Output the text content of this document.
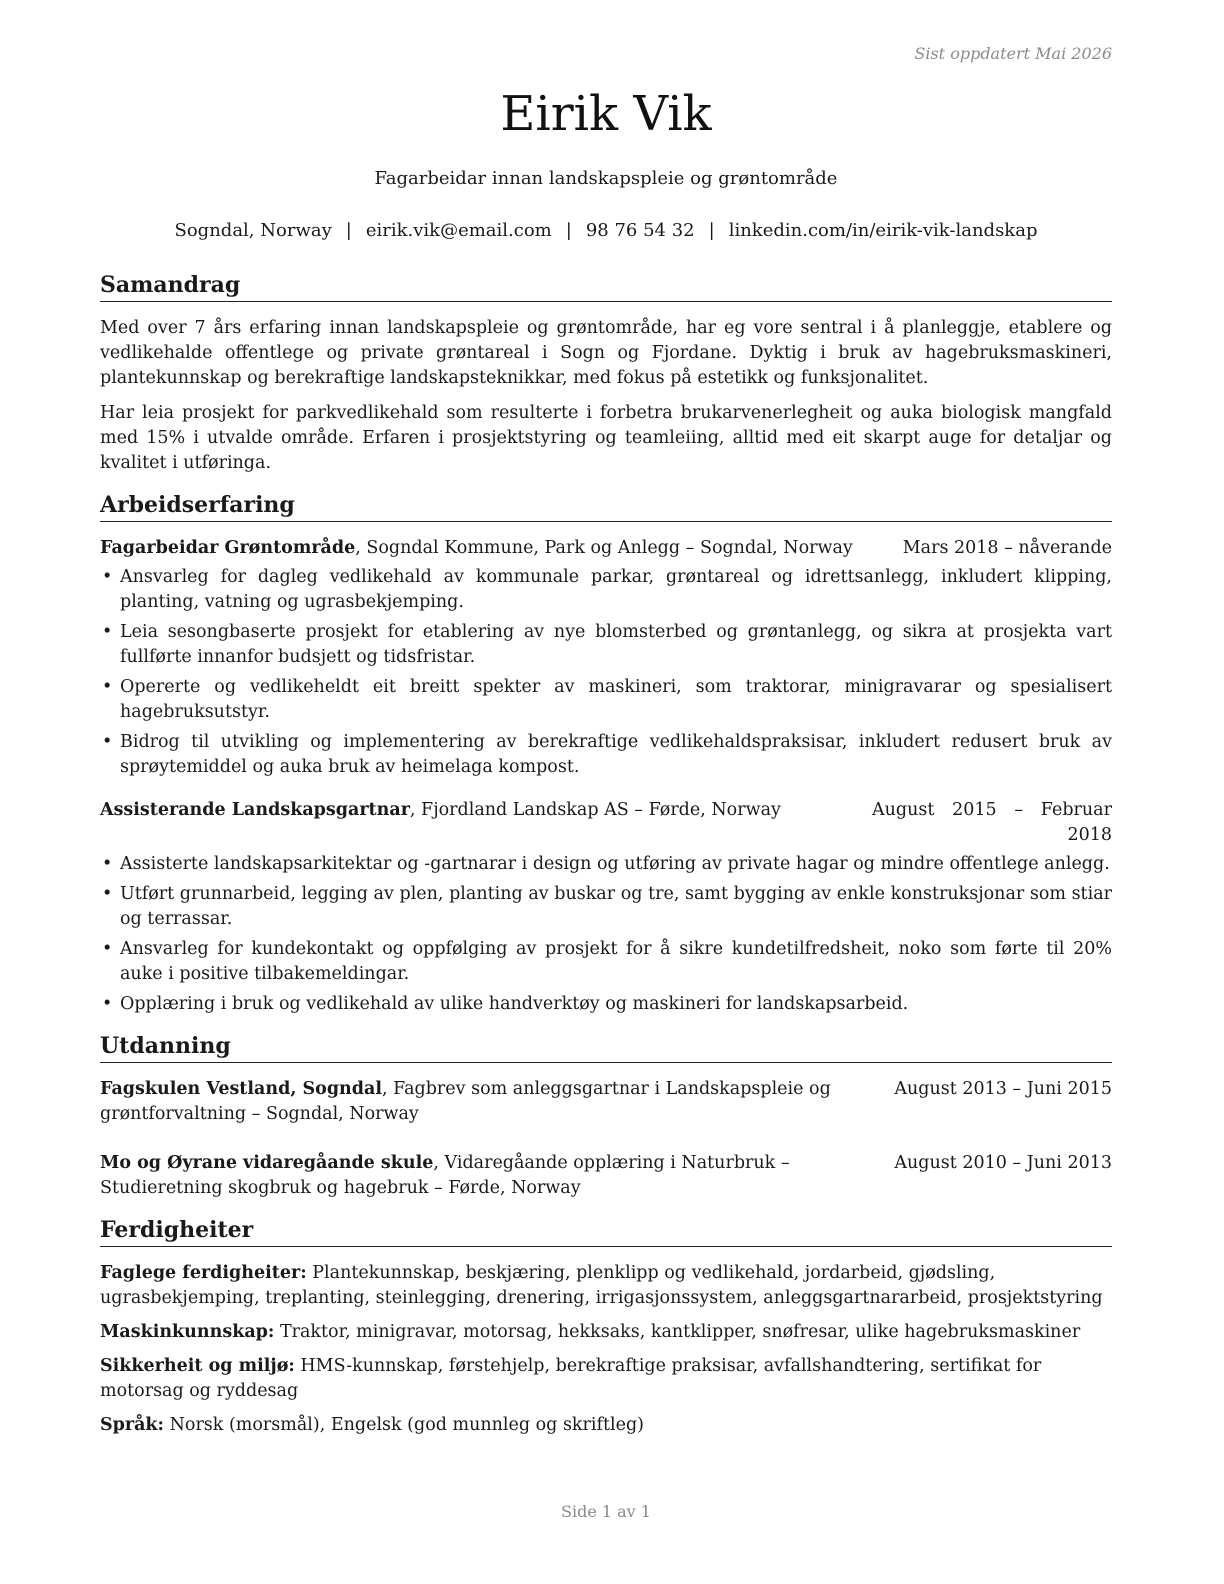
Sist oppdatert Mai 2026
Eirik Vik

Fagarbeidar innan landskapspleie og grøntområde

Sogndal, Norway | eirik.vik@email.com | 98 76 54 32 | linkedin.com/in/eirik-vik-landskap

Samandrag

Med over 7 års erfaring innan landskapspleie og grøntområde, har eg vore sentral i å planleggje, etablere og vedlikehalde offentlege og private grøntareal i Sogn og Fjordane. Dyktig i bruk av hagebruksmaskineri, plantekunnskap og berekraftige landskapsteknikkar, med fokus på estetikk og funksjonalitet.

Har leia prosjekt for parkvedlikehald som resulterte i forbetra brukarvenerlegheit og auka biologisk mangfald med 15% i utvalde område. Erfaren i prosjektstyring og teamleiing, alltid med eit skarpt auge for detaljar og kvalitet i utføringa.

Arbeidserfaring
Fagarbeidar Grøntområde, Sogndal Kommune, Park og Anlegg – Sogndal, Norway	Mars 2018 – nåverande
• Ansvarleg for dagleg vedlikehald av kommunale parkar, grøntareal og idrettsanlegg, inkludert klipping, planting, vatning og ugrasbekjemping.
• Leia sesongbaserte prosjekt for etablering av nye blomsterbed og grøntanlegg, og sikra at prosjekta vart fullførte innanfor budsjett og tidsfristar.
• Opererte og vedlikeheldt eit breitt spekter av maskineri, som traktorar, minigravarar og spesialisert hagebruksutstyr.
• Bidrog til utvikling og implementering av berekraftige vedlikehaldspraksisar, inkludert redusert bruk av sprøytemiddel og auka bruk av heimelaga kompost.
Assisterande Landskapsgartnar, Fjordland Landskap AS – Førde, Norway	August 2015 – Februar 2018
• Assisterte landskapsarkitektar og -gartnarar i design og utføring av private hagar og mindre offentlege anlegg.
• Utført grunnarbeid, legging av plen, planting av buskar og tre, samt bygging av enkle konstruksjonar som stiar og terrassar.
• Ansvarleg for kundekontakt og oppfølging av prosjekt for å sikre kundetilfredsheit, noko som førte til 20% auke i positive tilbakemeldingar.
• Opplæring i bruk og vedlikehald av ulike handverktøy og maskineri for landskapsarbeid.
Utdanning
Fagskulen Vestland, Sogndal, Fagbrev som anleggsgartnar i Landskapspleie og grøntforvaltning – Sogndal, Norway
August 2013 – Juni 2015
Mo og Øyrane vidaregåande skule, Vidaregåande opplæring i Naturbruk – Studieretning skogbruk og hagebruk – Førde, Norway
August 2010 – Juni 2013
Ferdigheiter

Faglege ferdigheiter: Plantekunnskap, beskjæring, plenklipp og vedlikehald, jordarbeid, gjødsling, ugrasbekjemping, treplanting, steinlegging, drenering, irrigasjonssystem, anleggsgartnararbeid, prosjektstyring

Maskinkunnskap: Traktor, minigravar, motorsag, hekksaks, kantklipper, snøfresar, ulike hagebruksmaskiner

Sikkerheit og miljø: HMS-kunnskap, førstehjelp, berekraftige praksisar, avfallshandtering, sertifikat for motorsag og ryddesag

Språk: Norsk (morsmål), Engelsk (god munnleg og skriftleg)

Side 1 av 1
